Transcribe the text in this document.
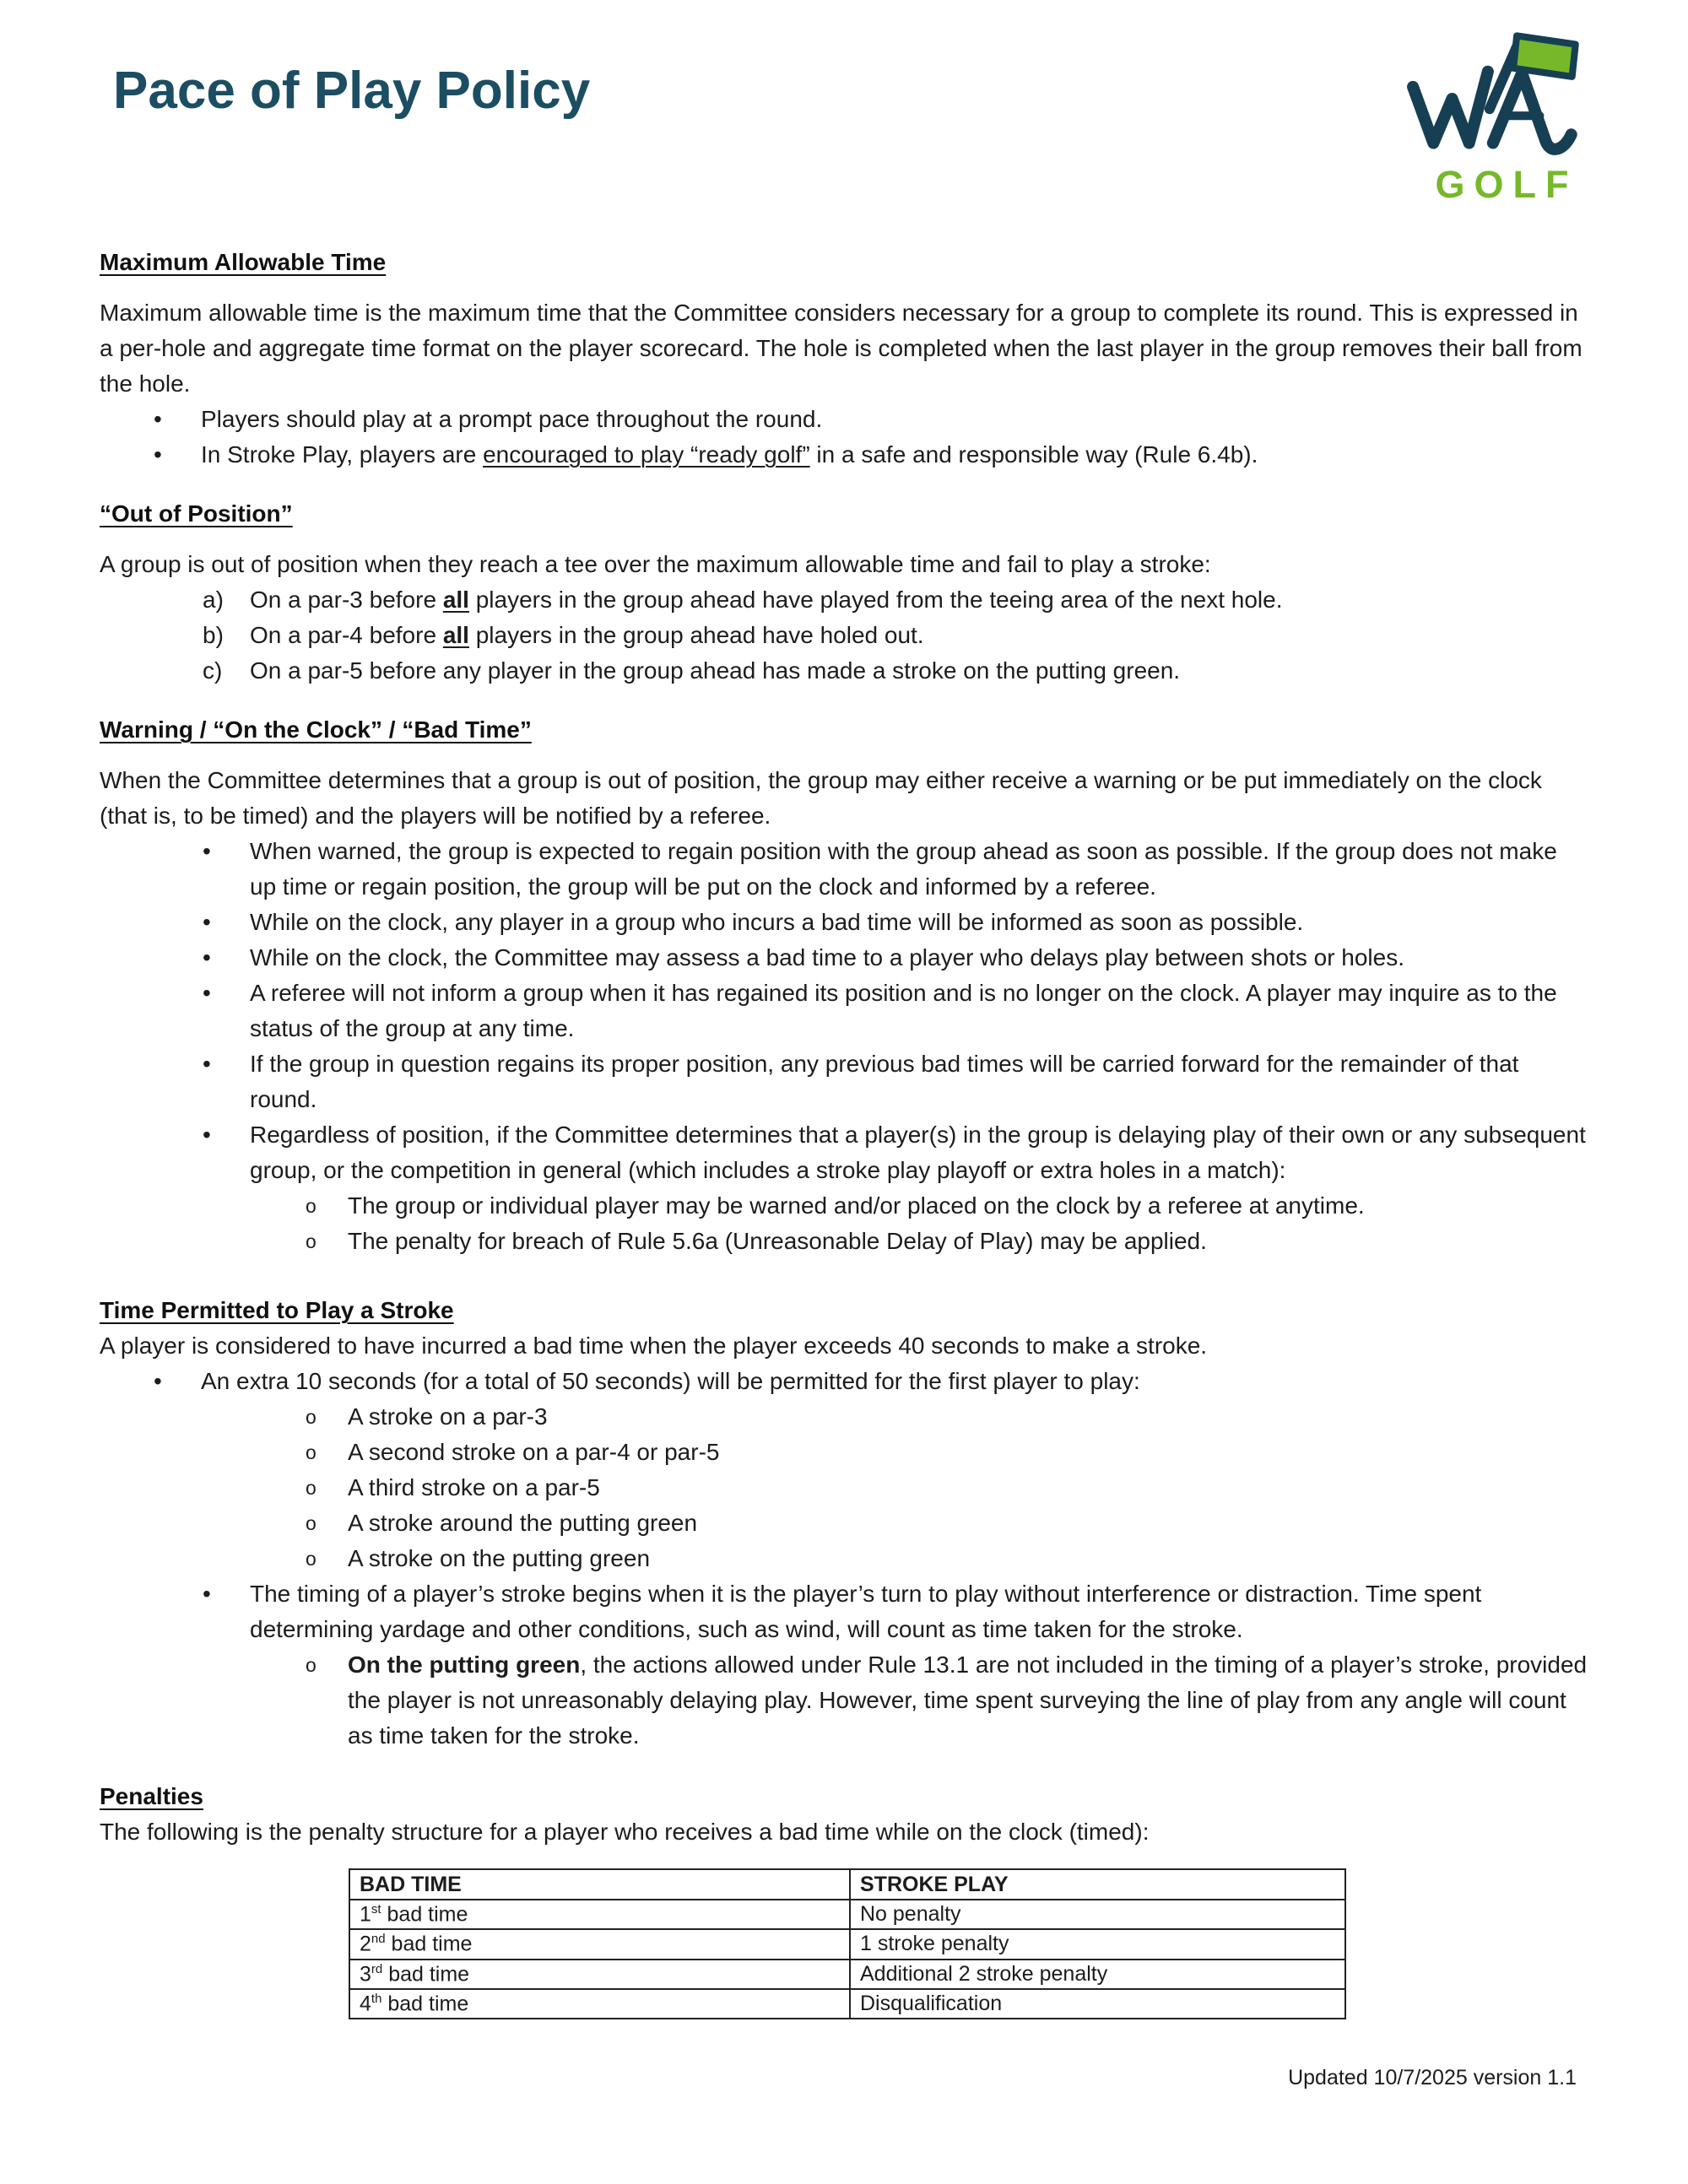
GOLF
Pace of Play Policy
Maximum Allowable Time

Maximum allowable time is the maximum time that the Committee considers necessary for a group to complete its round. This is expressed in a per-hole and aggregate time format on the player scorecard. The hole is completed when the last player in the group removes their ball from the hole.

•	Players should play at a prompt pace throughout the round.
•	In Stroke Play, players are encouraged to play “ready golf” in a safe and responsible way (Rule 6.4b).
“Out of Position”

A group is out of position when they reach a tee over the maximum allowable time and fail to play a stroke:

a)	On a par-3 before all players in the group ahead have played from the teeing area of the next hole.
b)	On a par-4 before all players in the group ahead have holed out.
c)	On a par-5 before any player in the group ahead has made a stroke on the putting green.
Warning / “On the Clock” / “Bad Time”

When the Committee determines that a group is out of position, the group may either receive a warning or be put immediately on the clock (that is, to be timed) and the players will be notified by a referee.

•	When warned, the group is expected to regain position with the group ahead as soon as possible. If the group does not make up time or regain position, the group will be put on the clock and informed by a referee.
•	While on the clock, any player in a group who incurs a bad time will be informed as soon as possible.
•	While on the clock, the Committee may assess a bad time to a player who delays play between shots or holes.
•	A referee will not inform a group when it has regained its position and is no longer on the clock. A player may inquire as to the status of the group at any time.
•	If the group in question regains its proper position, any previous bad times will be carried forward for the remainder of that round.
•	Regardless of position, if the Committee determines that a player(s) in the group is delaying play of their own or any subsequent group, or the competition in general (which includes a stroke play playoff or extra holes in a match):
o	The group or individual player may be warned and/or placed on the clock by a referee at anytime.
o	The penalty for breach of Rule 5.6a (Unreasonable Delay of Play) may be applied.
Time Permitted to Play a Stroke

A player is considered to have incurred a bad time when the player exceeds 40 seconds to make a stroke.

•	An extra 10 seconds (for a total of 50 seconds) will be permitted for the first player to play:
o	A stroke on a par-3
o	A second stroke on a par-4 or par-5
o	A third stroke on a par-5
o	A stroke around the putting green
o	A stroke on the putting green
•	The timing of a player’s stroke begins when it is the player’s turn to play without interference or distraction. Time spent determining yardage and other conditions, such as wind, will count as time taken for the stroke.
o	On the putting green, the actions allowed under Rule 13.1 are not included in the timing of a player’s stroke, provided the player is not unreasonably delaying play. However, time spent surveying the line of play from any angle will count as time taken for the stroke.
Penalties

The following is the penalty structure for a player who receives a bad time while on the clock (timed):

BAD TIME	STROKE PLAY
1st bad time	No penalty
2nd bad time	1 stroke penalty
3rd bad time	Additional 2 stroke penalty
4th bad time	Disqualification
Updated 10/7/2025 version 1.1
